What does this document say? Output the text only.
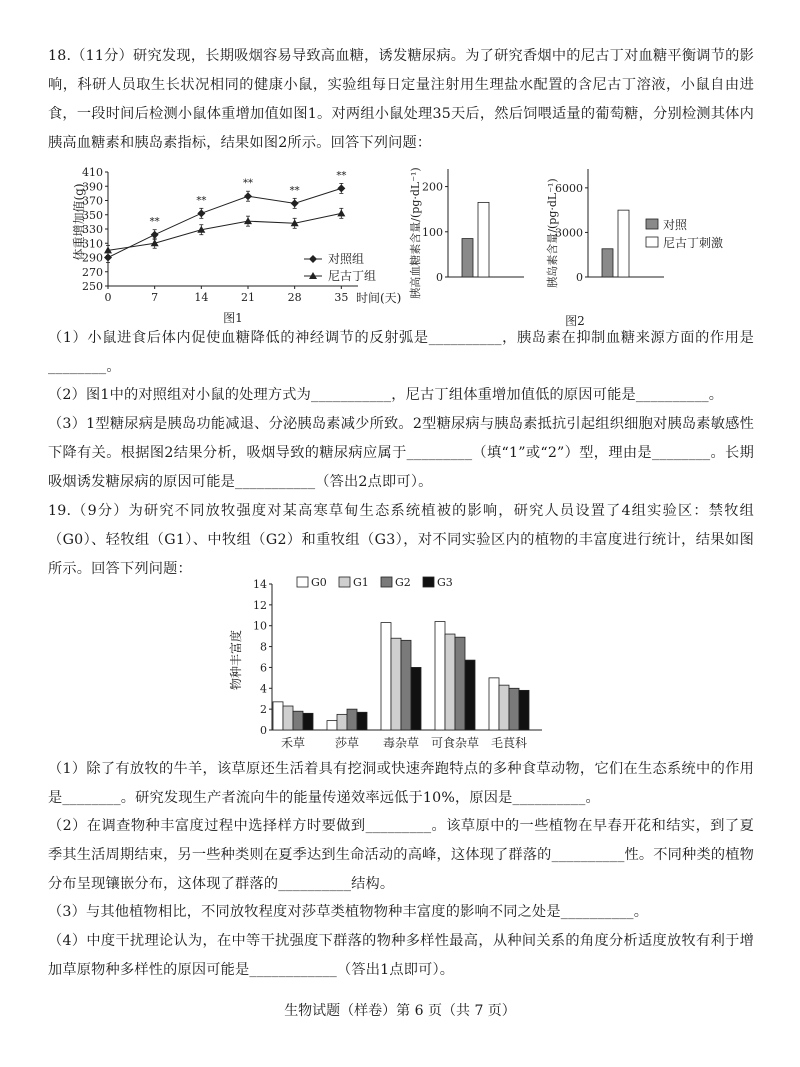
18.（11分）研究发现，长期吸烟容易导致高血糖，诱发糖尿病。为了研究香烟中的尼古丁对血糖平衡调节的影响，科研人员取生长状况相同的健康小鼠，实验组每日定量注射用生理盐水配置的含尼古丁溶液，小鼠自由进食，一段时间后检测小鼠体重增加值如图1。对两组小鼠处理35天后，然后饲喂适量的葡萄糖，分别检测其体内胰高血糖素和胰岛素指标，结果如图2所示。回答下列问题：
体重增加值(g)
250
270
290
310
330
350
370
390
410
0	7	14	21	28	35
**
**
**
**
**
时间(天)
图1
对照组
尼古丁组	胰高血糖素含量/(pg·dL⁻¹)	胰岛素含量/(pg·dL⁻¹)
0
100
200
0
3000
6000
对照
尼古丁刺激
图2
（1）小鼠进食后体内促使血糖降低的神经调节的反射弧是__________，胰岛素在抑制血糖来源方面的作用是________。
（2）图1中的对照组对小鼠的处理方式为___________，尼古丁组体重增加值低的原因可能是__________。
（3）1型糖尿病是胰岛功能减退、分泌胰岛素减少所致。2型糖尿病与胰岛素抵抗引起组织细胞对胰岛素敏感性下降有关。根据图2结果分析，吸烟导致的糖尿病应属于_________（填“1”或“2”）型，理由是________。长期吸烟诱发糖尿病的原因可能是___________（答出2点即可）。
19.（9分）为研究不同放牧强度对某高寒草甸生态系统植被的影响，研究人员设置了4组实验区：禁牧组（G0）、轻牧组（G1）、中牧组（G2）和重牧组（G3），对不同实验区内的植物的丰富度进行统计，结果如图所示。回答下列问题：
物种丰富度
0
2
4
6
8
10
12
14
禾草 莎草 毒杂草 可食杂草 毛茛科
G0 G1 G2 G3
（1）除了有放牧的牛羊，该草原还生活着具有挖洞或快速奔跑特点的多种食草动物，它们在生态系统中的作用是________。研究发现生产者流向牛的能量传递效率远低于10%，原因是__________。
（2）在调查物种丰富度过程中选择样方时要做到_________。该草原中的一些植物在早春开花和结实，到了夏季其生活周期结束，另一些种类则在夏季达到生命活动的高峰，这体现了群落的__________性。不同种类的植物分布呈现镶嵌分布，这体现了群落的__________结构。
（3）与其他植物相比，不同放牧程度对莎草类植物物种丰富度的影响不同之处是__________。
（4）中度干扰理论认为，在中等干扰强度下群落的物种多样性最高，从种间关系的角度分析适度放牧有利于增加草原物种多样性的原因可能是____________（答出1点即可）。
生物试题（样卷）第 6 页（共 7 页）
